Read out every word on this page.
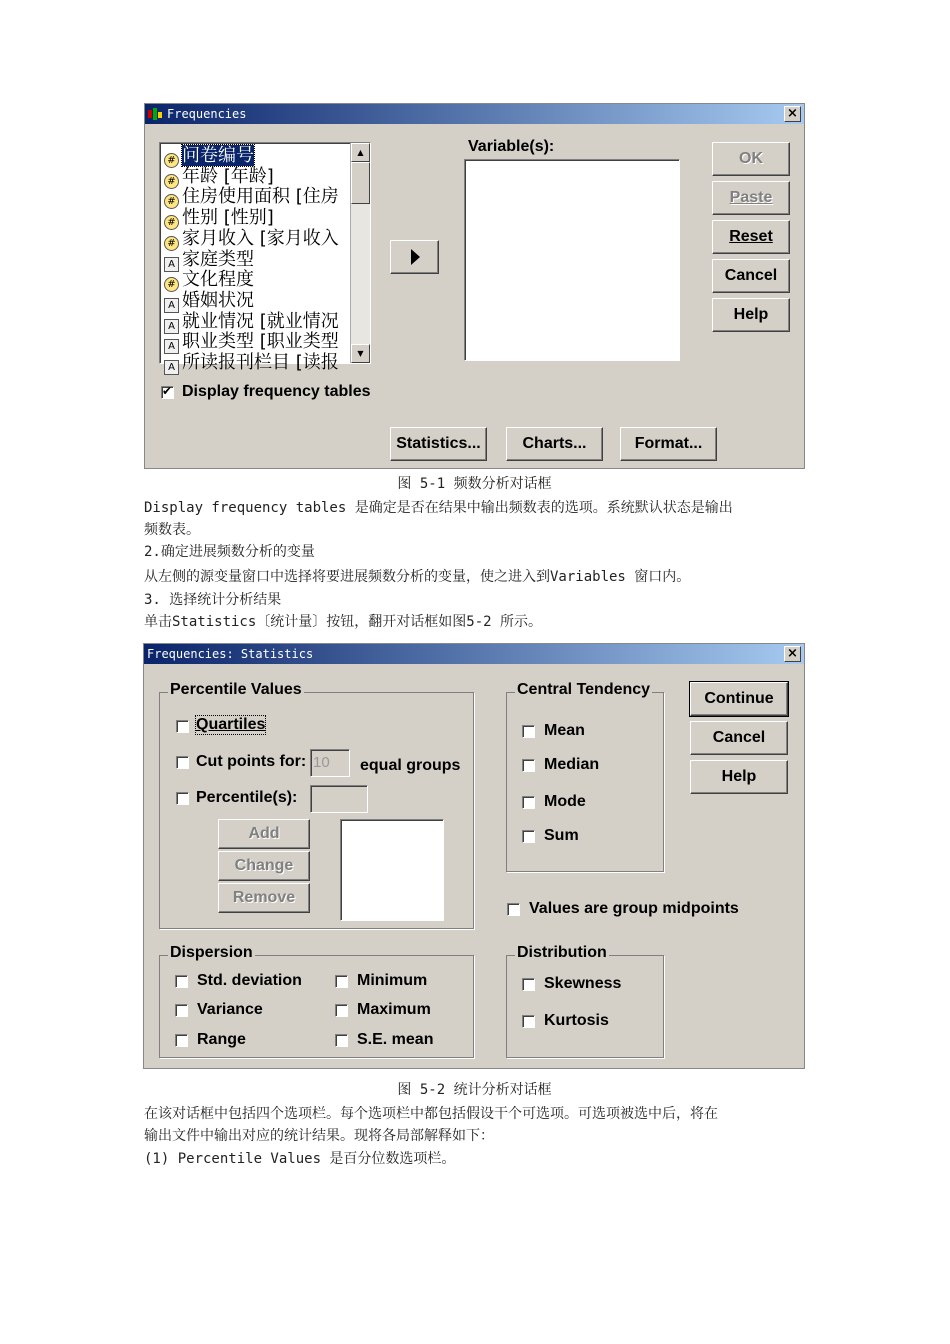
Frequencies	×
# 问卷编号
# 年龄 [年龄]
# 住房使用面积 [住房
# 性别 [性别]
# 家月收入 [家月收入
A 家庭类型
# 文化程度
A 婚姻状况
A 就业情况 [就业情况
A 职业类型 [职业类型
A 所读报刊栏目 [读报
▲
▼
Variable(s):
OK
Paste
Reset
Cancel
Help
✔
Display frequency tables
Statistics...	Charts...	Format...
图 5-1 频数分析对话框
Display frequency tables 是确定是否在结果中输出频数表的选项。系统默认状态是输出
频数表。
2.确定进展频数分析的变量
从左侧的源变量窗口中选择将要进展频数分析的变量，使之进入到Variables 窗口内。
3. 选择统计分析结果
单击Statistics〔统计量〕按钮，翻开对话框如图5-2 所示。
Frequencies: Statistics	×
Percentile Values
Quartiles
Cut points for: 10	equal groups
Percentile(s):
Add
Change
Remove
Central Tendency
Mean
Median
Mode
Sum
Continue
Cancel
Help
Values are group midpoints
Dispersion
Std. deviation	Minimum
Variance	Maximum
Range	S.E. mean
Distribution
Skewness
Kurtosis
图 5-2 统计分析对话框
在该对话框中包括四个选项栏。每个选项栏中都包括假设干个可选项。可选项被选中后，将在
输出文件中输出对应的统计结果。现将各局部解释如下：
(1) Percentile Values 是百分位数选项栏。
